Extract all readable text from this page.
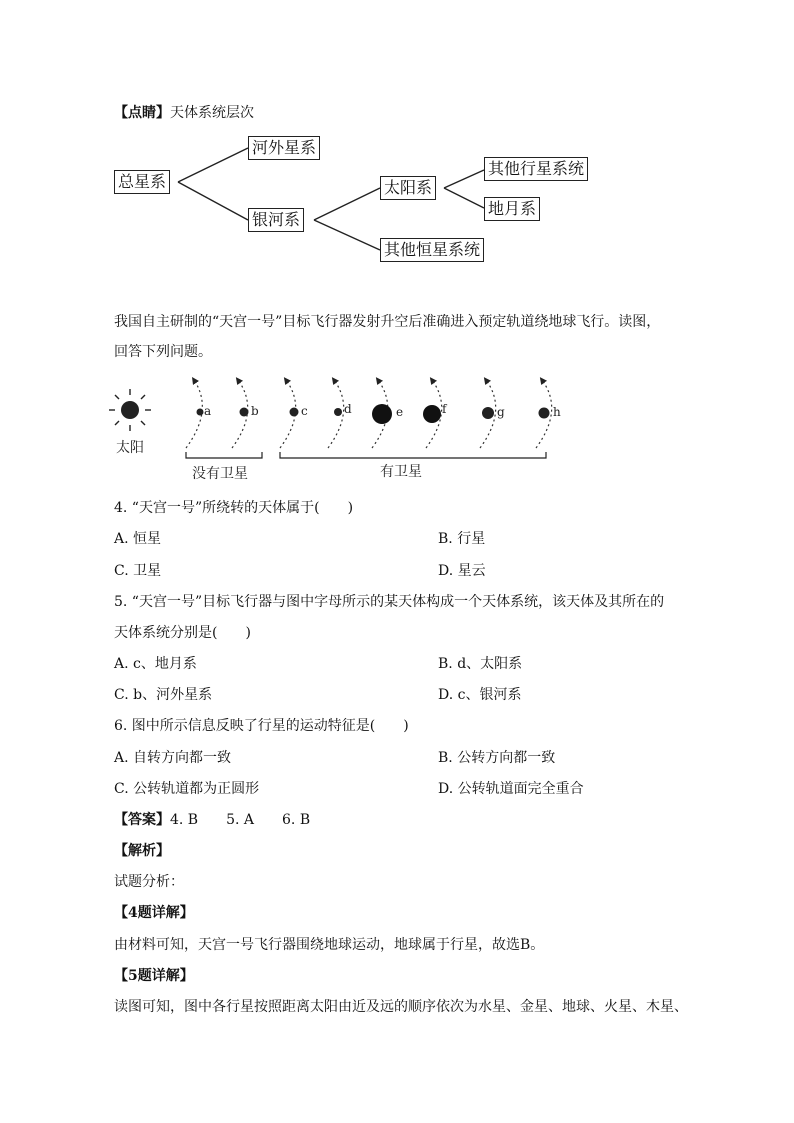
【点睛】天体系统层次
总星系
河外星系
银河系
太阳系
其他行星系统
地月系
其他恒星系统
我国自主研制的“天宫一号”目标飞行器发射升空后准确进入预定轨道绕地球飞行。读图，
回答下列问题。
太阳
a	b	c	d	e	f	g	h
没有卫星	有卫星
4. “天宫一号”所绕转的天体属于(　　)
A. 恒星	B. 行星
C. 卫星	D. 星云
5. “天宫一号”目标飞行器与图中字母所示的某天体构成一个天体系统，该天体及其所在的
天体系统分别是(　　)
A. c、地月系	B. d、太阳系
C. b、河外星系	D. c、银河系
6. 图中所示信息反映了行星的运动特征是(　　)
A. 自转方向都一致	B. 公转方向都一致
C. 公转轨道都为正圆形	D. 公转轨道面完全重合
【答案】4. B　　5. A　　6. B
【解析】
试题分析：
【4题详解】
由材料可知，天宫一号飞行器围绕地球运动，地球属于行星，故选B。
【5题详解】
读图可知，图中各行星按照距离太阳由近及远的顺序依次为水星、金星、地球、火星、木星、
